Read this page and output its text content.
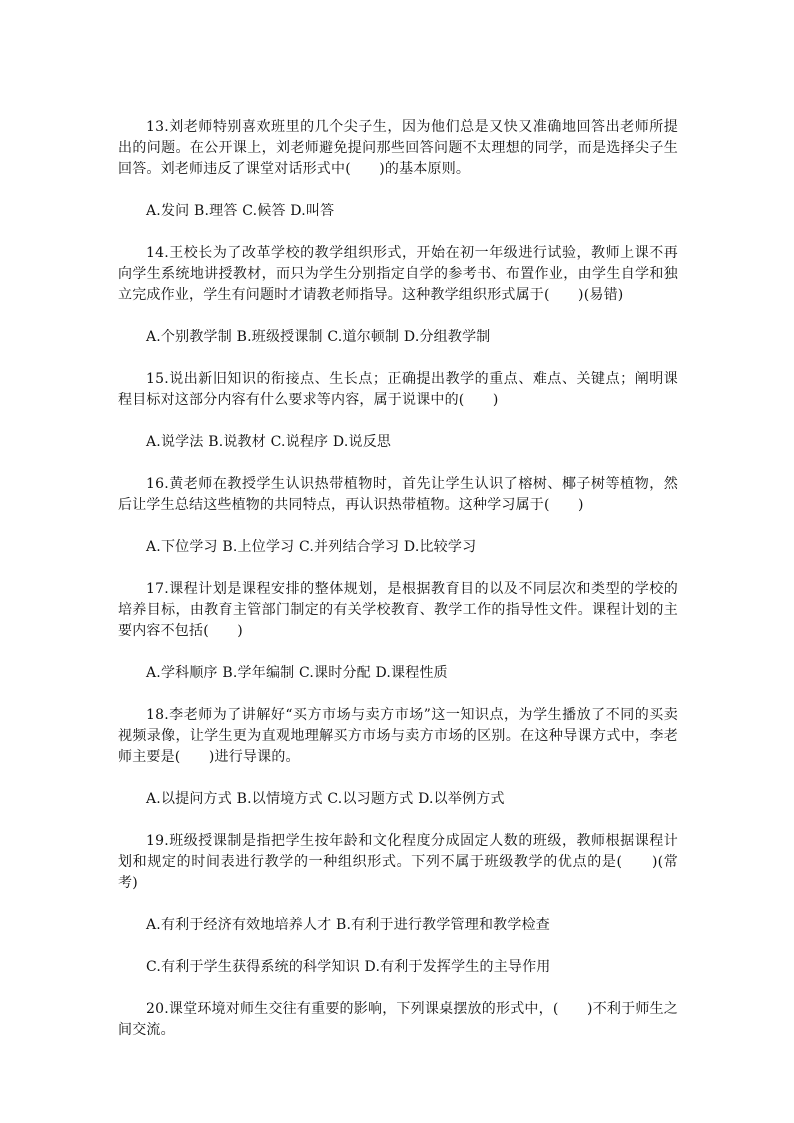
13.刘老师特别喜欢班里的几个尖子生，因为他们总是又快又准确地回答出老师所提出的问题。在公开课上，刘老师避免提问那些回答问题不太理想的同学，而是选择尖子生回答。刘老师违反了课堂对话形式中(　　)的基本原则。

A.发问 B.理答 C.候答 D.叫答

14.王校长为了改革学校的教学组织形式，开始在初一年级进行试验，教师上课不再向学生系统地讲授教材，而只为学生分别指定自学的参考书、布置作业，由学生自学和独立完成作业，学生有问题时才请教老师指导。这种教学组织形式属于(　　)(易错)

A.个别教学制 B.班级授课制 C.道尔顿制 D.分组教学制

15.说出新旧知识的衔接点、生长点；正确提出教学的重点、难点、关键点；阐明课程目标对这部分内容有什么要求等内容，属于说课中的(　　)

A.说学法 B.说教材 C.说程序 D.说反思

16.黄老师在教授学生认识热带植物时，首先让学生认识了榕树、椰子树等植物，然后让学生总结这些植物的共同特点，再认识热带植物。这种学习属于(　　)

A.下位学习 B.上位学习 C.并列结合学习 D.比较学习

17.课程计划是课程安排的整体规划，是根据教育目的以及不同层次和类型的学校的培养目标，由教育主管部门制定的有关学校教育、教学工作的指导性文件。课程计划的主要内容不包括(　　)

A.学科顺序 B.学年编制 C.课时分配 D.课程性质

18.李老师为了讲解好“买方市场与卖方市场”这一知识点，为学生播放了不同的买卖视频录像，让学生更为直观地理解买方市场与卖方市场的区别。在这种导课方式中，李老师主要是(　　)进行导课的。

A.以提问方式 B.以情境方式 C.以习题方式 D.以举例方式

19.班级授课制是指把学生按年龄和文化程度分成固定人数的班级，教师根据课程计划和规定的时间表进行教学的一种组织形式。下列不属于班级教学的优点的是(　　)(常考)

A.有利于经济有效地培养人才 B.有利于进行教学管理和教学检查

C.有利于学生获得系统的科学知识 D.有利于发挥学生的主导作用

20.课堂环境对师生交往有重要的影响，下列课桌摆放的形式中，(　　)不利于师生之间交流。
